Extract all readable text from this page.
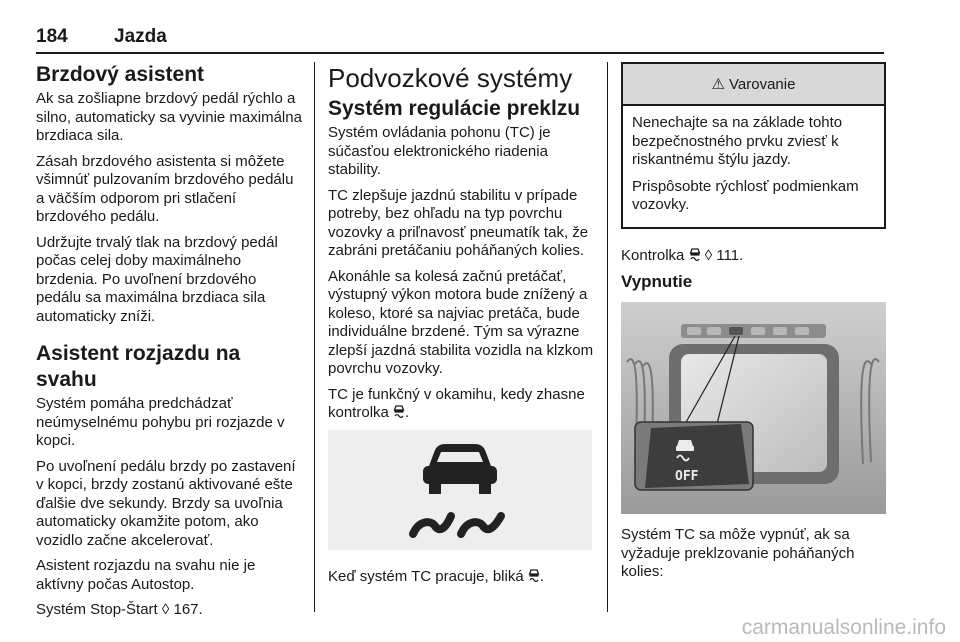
184 Jazda
Brzdový asistent

Ak sa zošliapne brzdový pedál rýchlo a silno, automaticky sa vyvinie maximálna brzdiaca sila.

Zásah brzdového asistenta si môžete všimnúť pulzovaním brzdového pedálu a väčším odporom pri stlačení brzdového pedálu.

Udržujte trvalý tlak na brzdový pedál počas celej doby maximálneho brzdenia. Po uvoľnení brzdového pedálu sa maximálna brzdiaca sila automaticky zníži.

Asistent rozjazdu na svahu

Systém pomáha predchádzať neúmyselnému pohybu pri rozjazde v kopci.

Po uvoľnení pedálu brzdy po zastavení v kopci, brzdy zostanú aktivované ešte ďalšie dve sekundy. Brzdy sa uvoľnia automaticky okamžite potom, ako vozidlo začne akcelerovať.

Asistent rozjazdu na svahu nie je aktívny počas Autostop.

Systém Stop-Štart ◊ 167.

Podvozkové systémy
Systém regulácie preklzu

Systém ovládania pohonu (TC) je súčasťou elektronického riadenia stability.

TC zlepšuje jazdnú stabilitu v prípade potreby, bez ohľadu na typ povrchu vozovky a priľnavosť pneumatík tak, že zabráni pretáčaniu poháňaných kolies.

Akonáhle sa kolesá začnú pretáčať, výstupný výkon motora bude znížený a koleso, ktoré sa najviac pretáča, bude individuálne brzdené. Tým sa výrazne zlepší jazdná stabilita vozidla na klzkom povrchu vozovky.

TC je funkčný v okamihu, kedy zhasne kontrolka .

Keď systém TC pracuje, bliká .

⚠ Varovanie

Nenechajte sa na základe tohto bezpečnostného prvku zviesť k riskantnému štýlu jazdy.

Prispôsobte rýchlosť podmienkam vozovky.

Kontrolka ◊ 111.

Vypnutie
OFF

Systém TC sa môže vypnúť, ak sa vyžaduje preklzovanie poháňaných kolies:

carmanualsonline.info
